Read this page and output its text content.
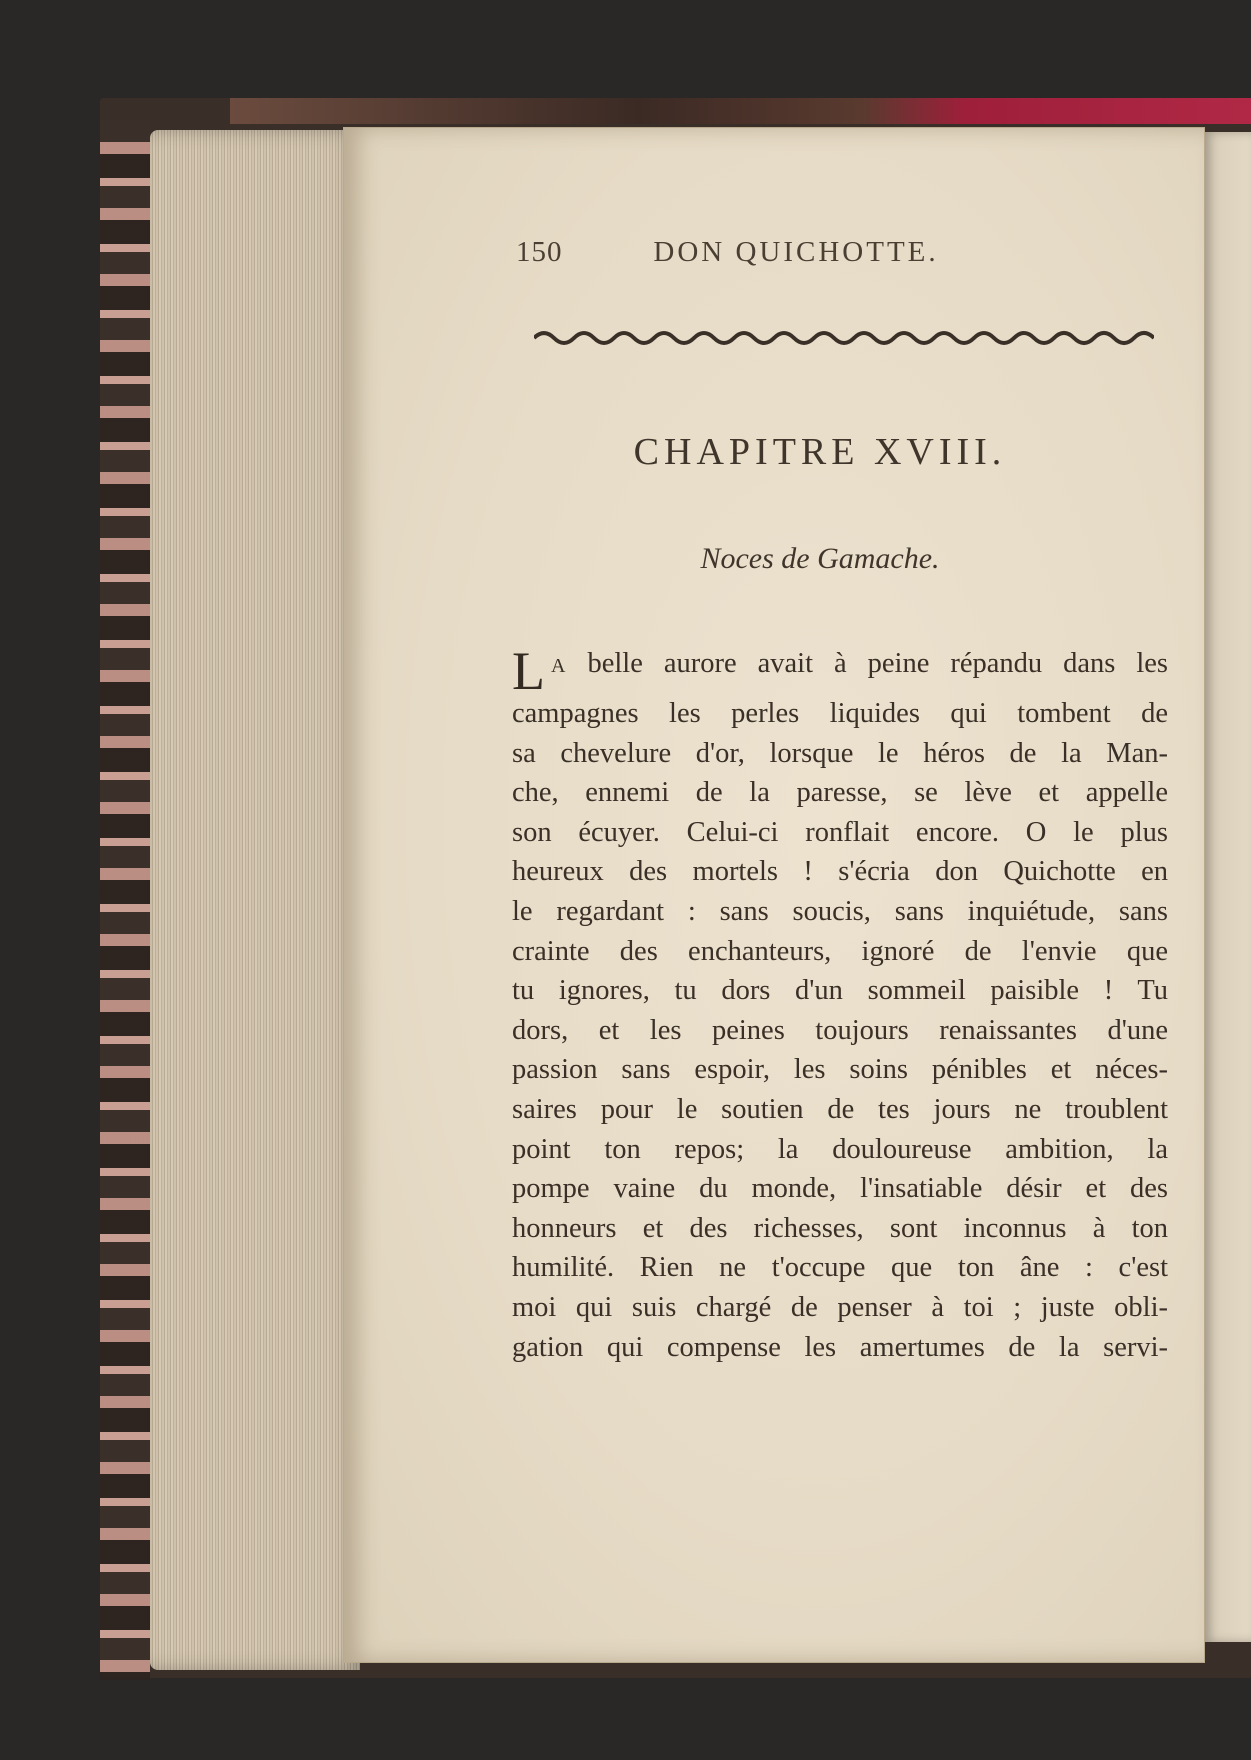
150	DON QUICHOTTE.
CHAPITRE XVIII.
Noces de Gamache.
L A belle aurore avait à peine répandu dans les
campagnes les perles liquides qui tombent de
sa chevelure d'or, lorsque le héros de la Man-
che, ennemi de la paresse, se lève et appelle
son écuyer. Celui-ci ronflait encore. O le plus
heureux des mortels ! s'écria don Quichotte en
le regardant : sans soucis, sans inquiétude, sans
crainte des enchanteurs, ignoré de l'envie que
tu ignores, tu dors d'un sommeil paisible ! Tu
dors, et les peines toujours renaissantes d'une
passion sans espoir, les soins pénibles et néces-
saires pour le soutien de tes jours ne troublent
point ton repos; la douloureuse ambition, la
pompe vaine du monde, l'insatiable désir et des
honneurs et des richesses, sont inconnus à ton
humilité. Rien ne t'occupe que ton âne : c'est
moi qui suis chargé de penser à toi ; juste obli-
gation qui compense les amertumes de la servi-
